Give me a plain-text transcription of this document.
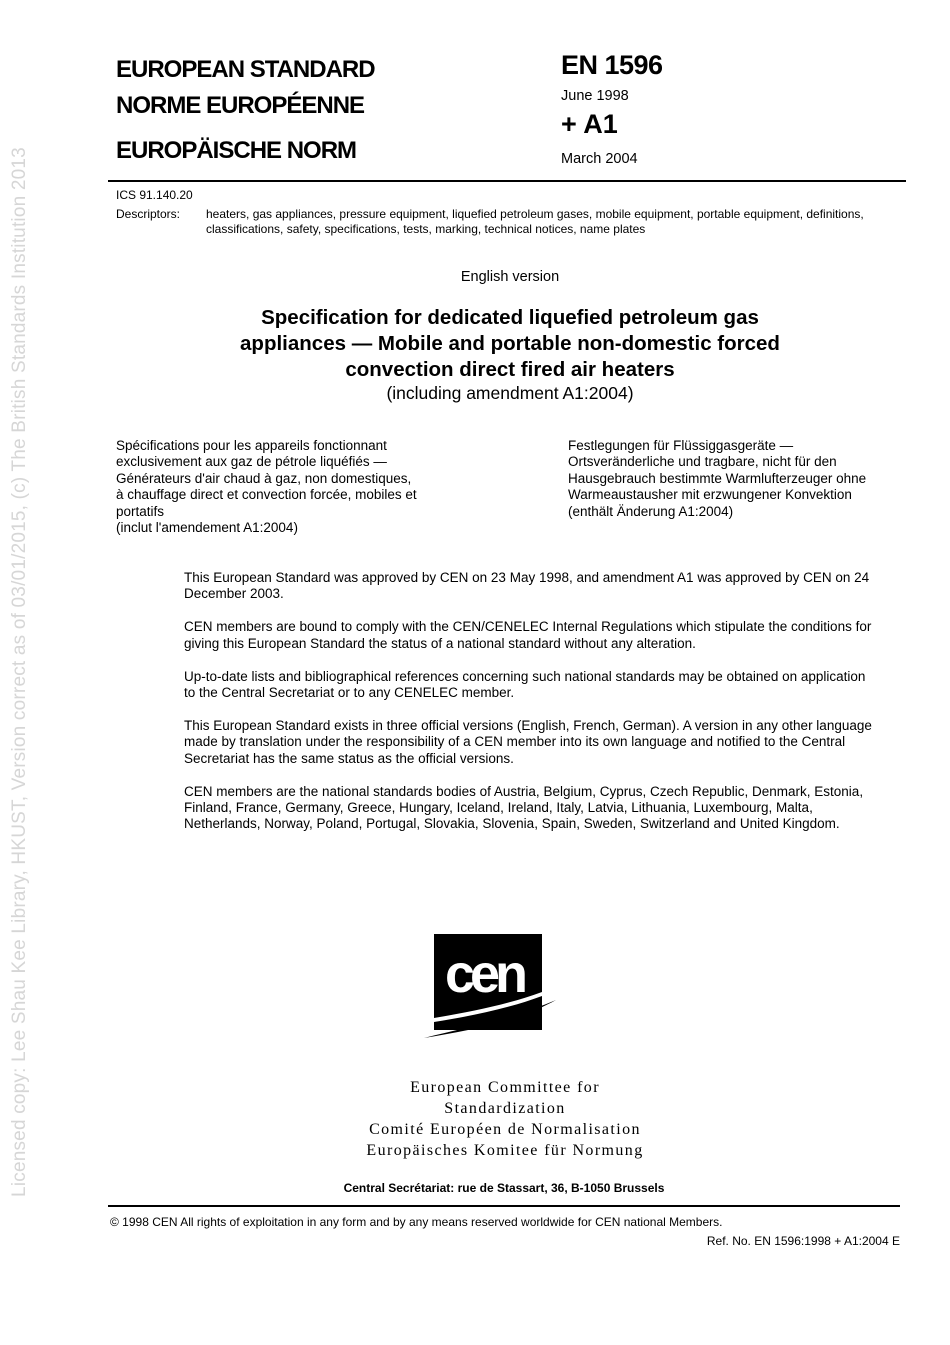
Licensed copy: Lee Shau Kee Library, HKUST, Version correct as of 03/01/2015, (c) The British Standards Institution 2013
EUROPEAN STANDARD
NORME EUROPÉENNE
EUROPÄISCHE NORM
EN 1596
June 1998
+ A1
March 2004
ICS 91.140.20
Descriptors: heaters, gas appliances, pressure equipment, liquefied petroleum gases, mobile equipment, portable equipment, definitions, classifications, safety, specifications, tests, marking, technical notices, name plates
English version
Specification for dedicated liquefied petroleum gas
appliances — Mobile and portable non-domestic forced
convection direct fired air heaters
(including amendment A1:2004)
Spécifications pour les appareils fonctionnant
exclusivement aux gaz de pétrole liquéfiés —
Générateurs d'air chaud à gaz, non domestiques,
à chauffage direct et convection forcée, mobiles et
portatifs
(inclut l'amendement A1:2004)
Festlegungen für Flüssiggasgeräte —
Ortsveränderliche und tragbare, nicht für den
Hausgebrauch bestimmte Warmlufterzeuger ohne
Warmeaustausher mit erzwungener Konvektion
(enthält Änderung A1:2004)

This European Standard was approved by CEN on 23 May 1998, and amendment A1 was approved by CEN on 24 December 2003.

CEN members are bound to comply with the CEN/CENELEC Internal Regulations which stipulate the conditions for giving this European Standard the status of a national standard without any alteration.

Up-to-date lists and bibliographical references concerning such national standards may be obtained on application to the Central Secretariat or to any CENELEC member.

This European Standard exists in three official versions (English, French, German). A version in any other language made by translation under the responsibility of a CEN member into its own language and notified to the Central Secretariat has the same status as the official versions.

CEN members are the national standards bodies of Austria, Belgium, Cyprus, Czech Republic, Denmark, Estonia, Finland, France, Germany, Greece, Hungary, Iceland, Ireland, Italy, Latvia, Lithuania, Luxembourg, Malta, Netherlands, Norway, Poland, Portugal, Slovakia, Slovenia, Spain, Sweden, Switzerland and United Kingdom.

cen
European Committee for
Standardization
Comité Européen de Normalisation
Europäisches Komitee für Normung
Central Secrétariat: rue de Stassart, 36, B-1050 Brussels
© 1998 CEN All rights of exploitation in any form and by any means reserved worldwide for CEN national Members.
Ref. No. EN 1596:1998 + A1:2004 E
